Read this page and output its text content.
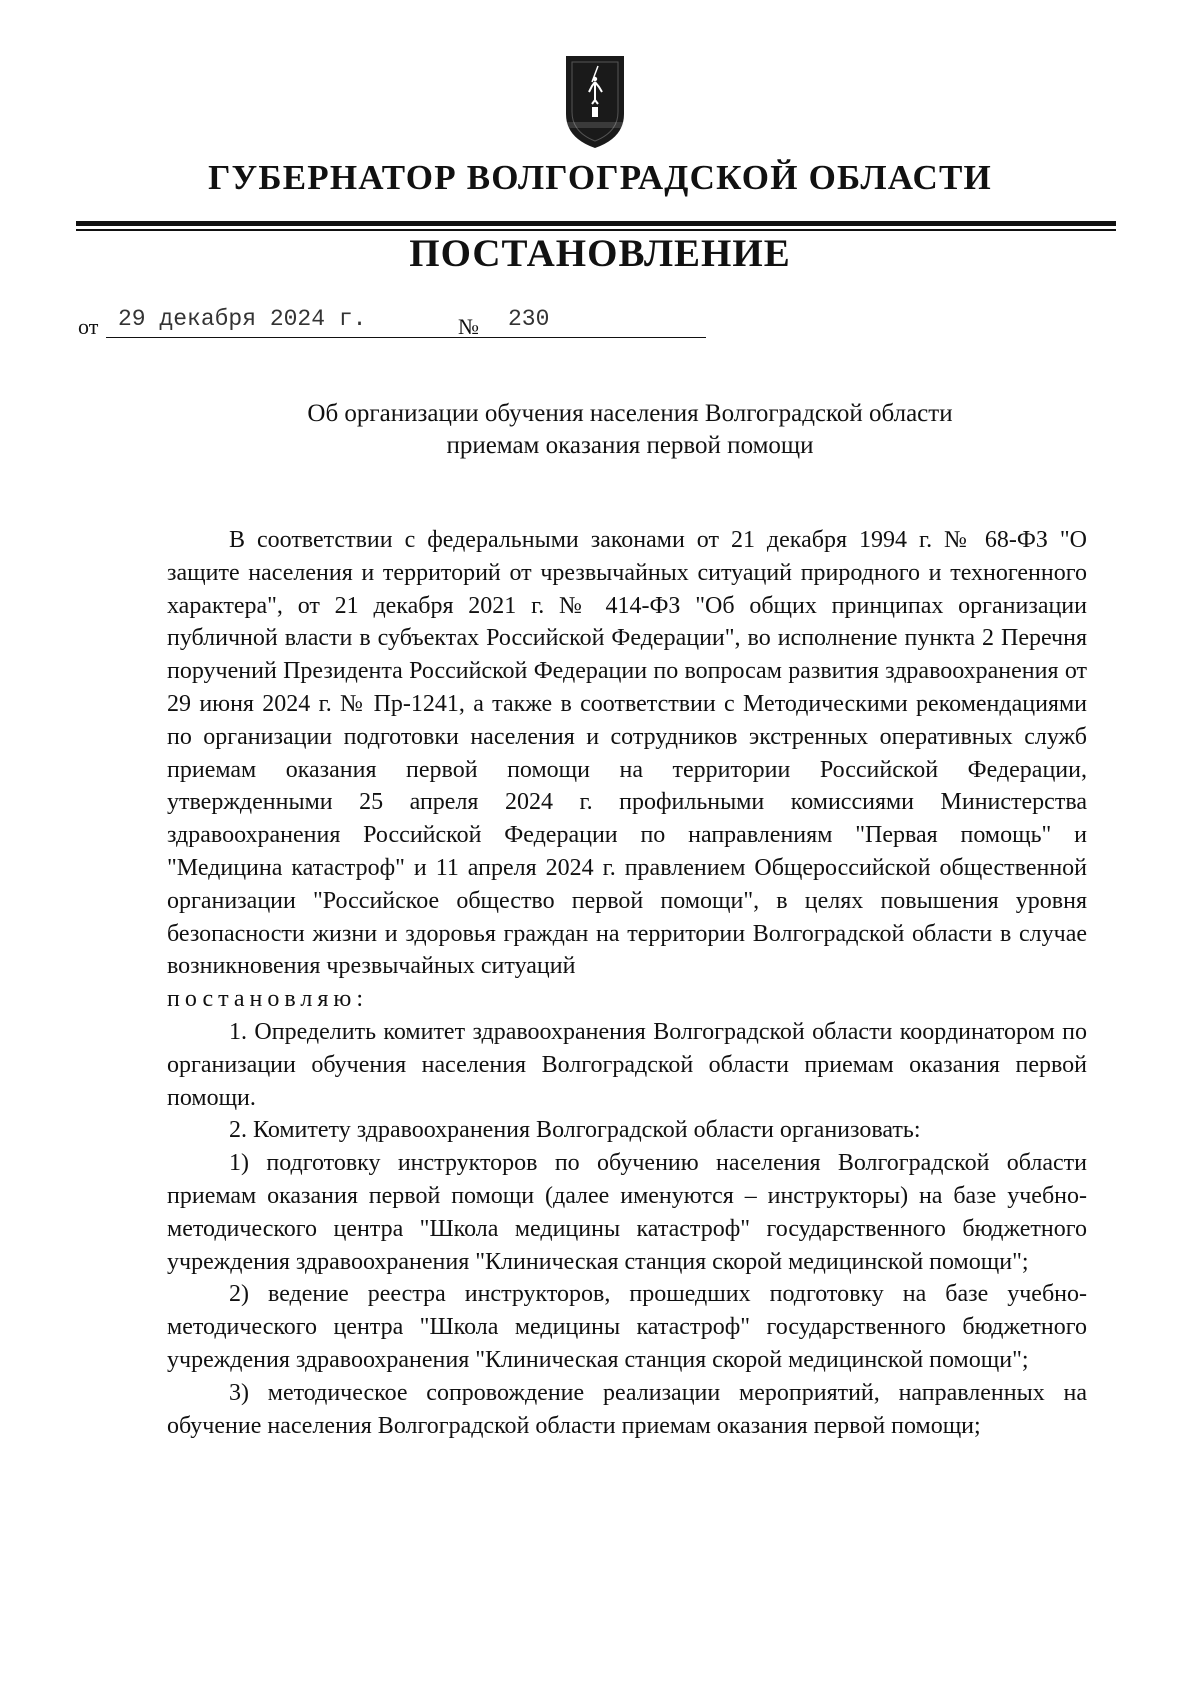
ГУБЕРНАТОР ВОЛГОГРАДСКОЙ ОБЛАСТИ
ПОСТАНОВЛЕНИЕ
от 29 декабря 2024 г.	№ 230
Об организации обучения населения Волгоградской области
приемам оказания первой помощи

В соответствии с федеральными законами от 21 декабря 1994 г. № 68-ФЗ "О защите населения и территорий от чрезвычайных ситуаций природного и техногенного характера", от 21 декабря 2021 г. № 414-ФЗ "Об общих принципах организации публичной власти в субъектах Российской Федерации", во исполнение пункта 2 Перечня поручений Президента Российской Федерации по вопросам развития здравоохранения от 29 июня 2024 г. № Пр-1241, а также в соответствии с Методическими рекомендациями по организации подготовки населения и сотрудников экстренных оперативных служб приемам оказания первой помощи на территории Российской Федерации, утвержденными 25 апреля 2024 г. профильными комиссиями Министерства здравоохранения Российской Федерации по направлениям "Первая помощь" и "Медицина катастроф" и 11 апреля 2024 г. правлением Общероссийской общественной организации "Российское общество первой помощи", в целях повышения уровня безопасности жизни и здоровья граждан на территории Волгоградской области в случае возникновения чрезвычайных ситуаций

постановляю:

1. Определить комитет здравоохранения Волгоградской области координатором по организации обучения населения Волгоградской области приемам оказания первой помощи.

2. Комитету здравоохранения Волгоградской области организовать:

1) подготовку инструкторов по обучению населения Волгоградской области приемам оказания первой помощи (далее именуются – инструкторы) на базе учебно-методического центра "Школа медицины катастроф" государственного бюджетного учреждения здравоохранения "Клиническая станция скорой медицинской помощи";

2) ведение реестра инструкторов, прошедших подготовку на базе учебно-методического центра "Школа медицины катастроф" государственного бюджетного учреждения здравоохранения "Клиническая станция скорой медицинской помощи";

3) методическое сопровождение реализации мероприятий, направленных на обучение населения Волгоградской области приемам оказания первой помощи;
